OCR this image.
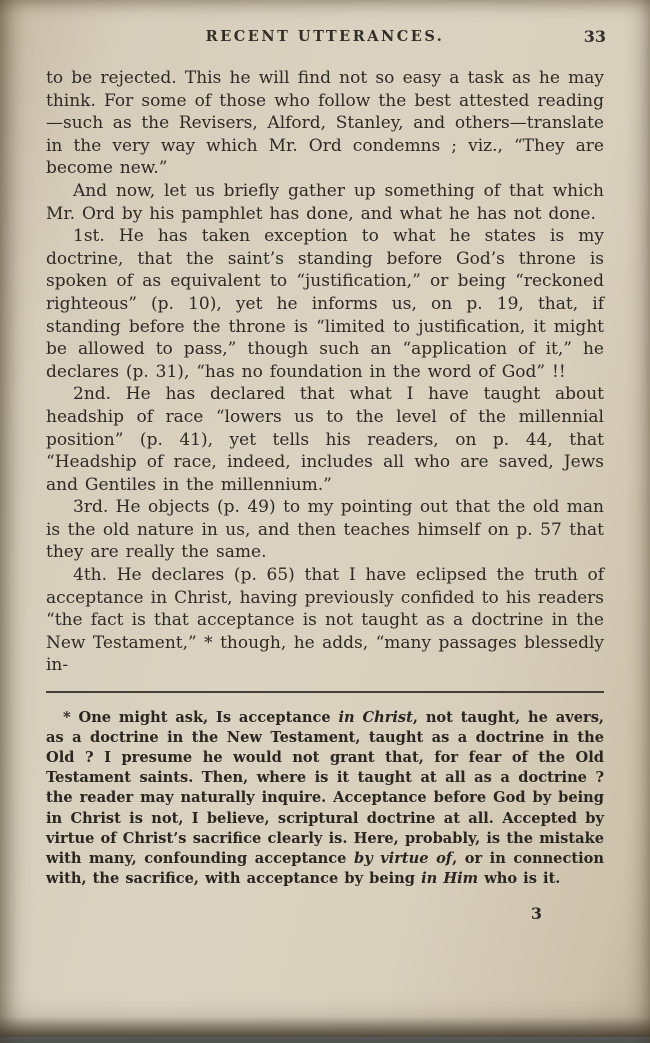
RECENT UTTERANCES.	33

to be rejected. This he will find not so easy a task as he may think. For some of those who follow the best attested reading—such as the Revisers, Alford, Stanley, and others—translate in the very way which Mr. Ord condemns ; viz., “They are become new.”

And now, let us briefly gather up something of that which Mr. Ord by his pamphlet has done, and what he has not done.

1st. He has taken exception to what he states is my doctrine, that the saint’s standing before God’s throne is spoken of as equivalent to “justification,” or being “reckoned righteous” (p. 10), yet he informs us, on p. 19, that, if standing before the throne is “limited to justification, it might be allowed to pass,” though such an “application of it,” he declares (p. 31), “has no foundation in the word of God” !!

2nd. He has declared that what I have taught about headship of race “lowers us to the level of the millennial position” (p. 41), yet tells his readers, on p. 44, that “Headship of race, indeed, includes all who are saved, Jews and Gentiles in the millennium.”

3rd. He objects (p. 49) to my pointing out that the old man is the old nature in us, and then teaches himself on p. 57 that they are really the same.

4th. He declares (p. 65) that I have eclipsed the truth of acceptance in Christ, having previously confided to his readers “the fact is that acceptance is not taught as a doctrine in the New Testament,” * though, he adds, “many passages blessedly in-

* One might ask, Is acceptance in Christ, not taught, he avers, as a doctrine in the New Testament, taught as a doctrine in the Old ? I presume he would not grant that, for fear of the Old Testament saints. Then, where is it taught at all as a doctrine ? the reader may naturally inquire. Acceptance before God by being in Christ is not, I believe, scriptural doctrine at all. Accepted by virtue of Christ’s sacrifice clearly is. Here, probably, is the mistake with many, confounding acceptance by virtue of, or in connection with, the sacrifice, with acceptance by being in Him who is it.

3
